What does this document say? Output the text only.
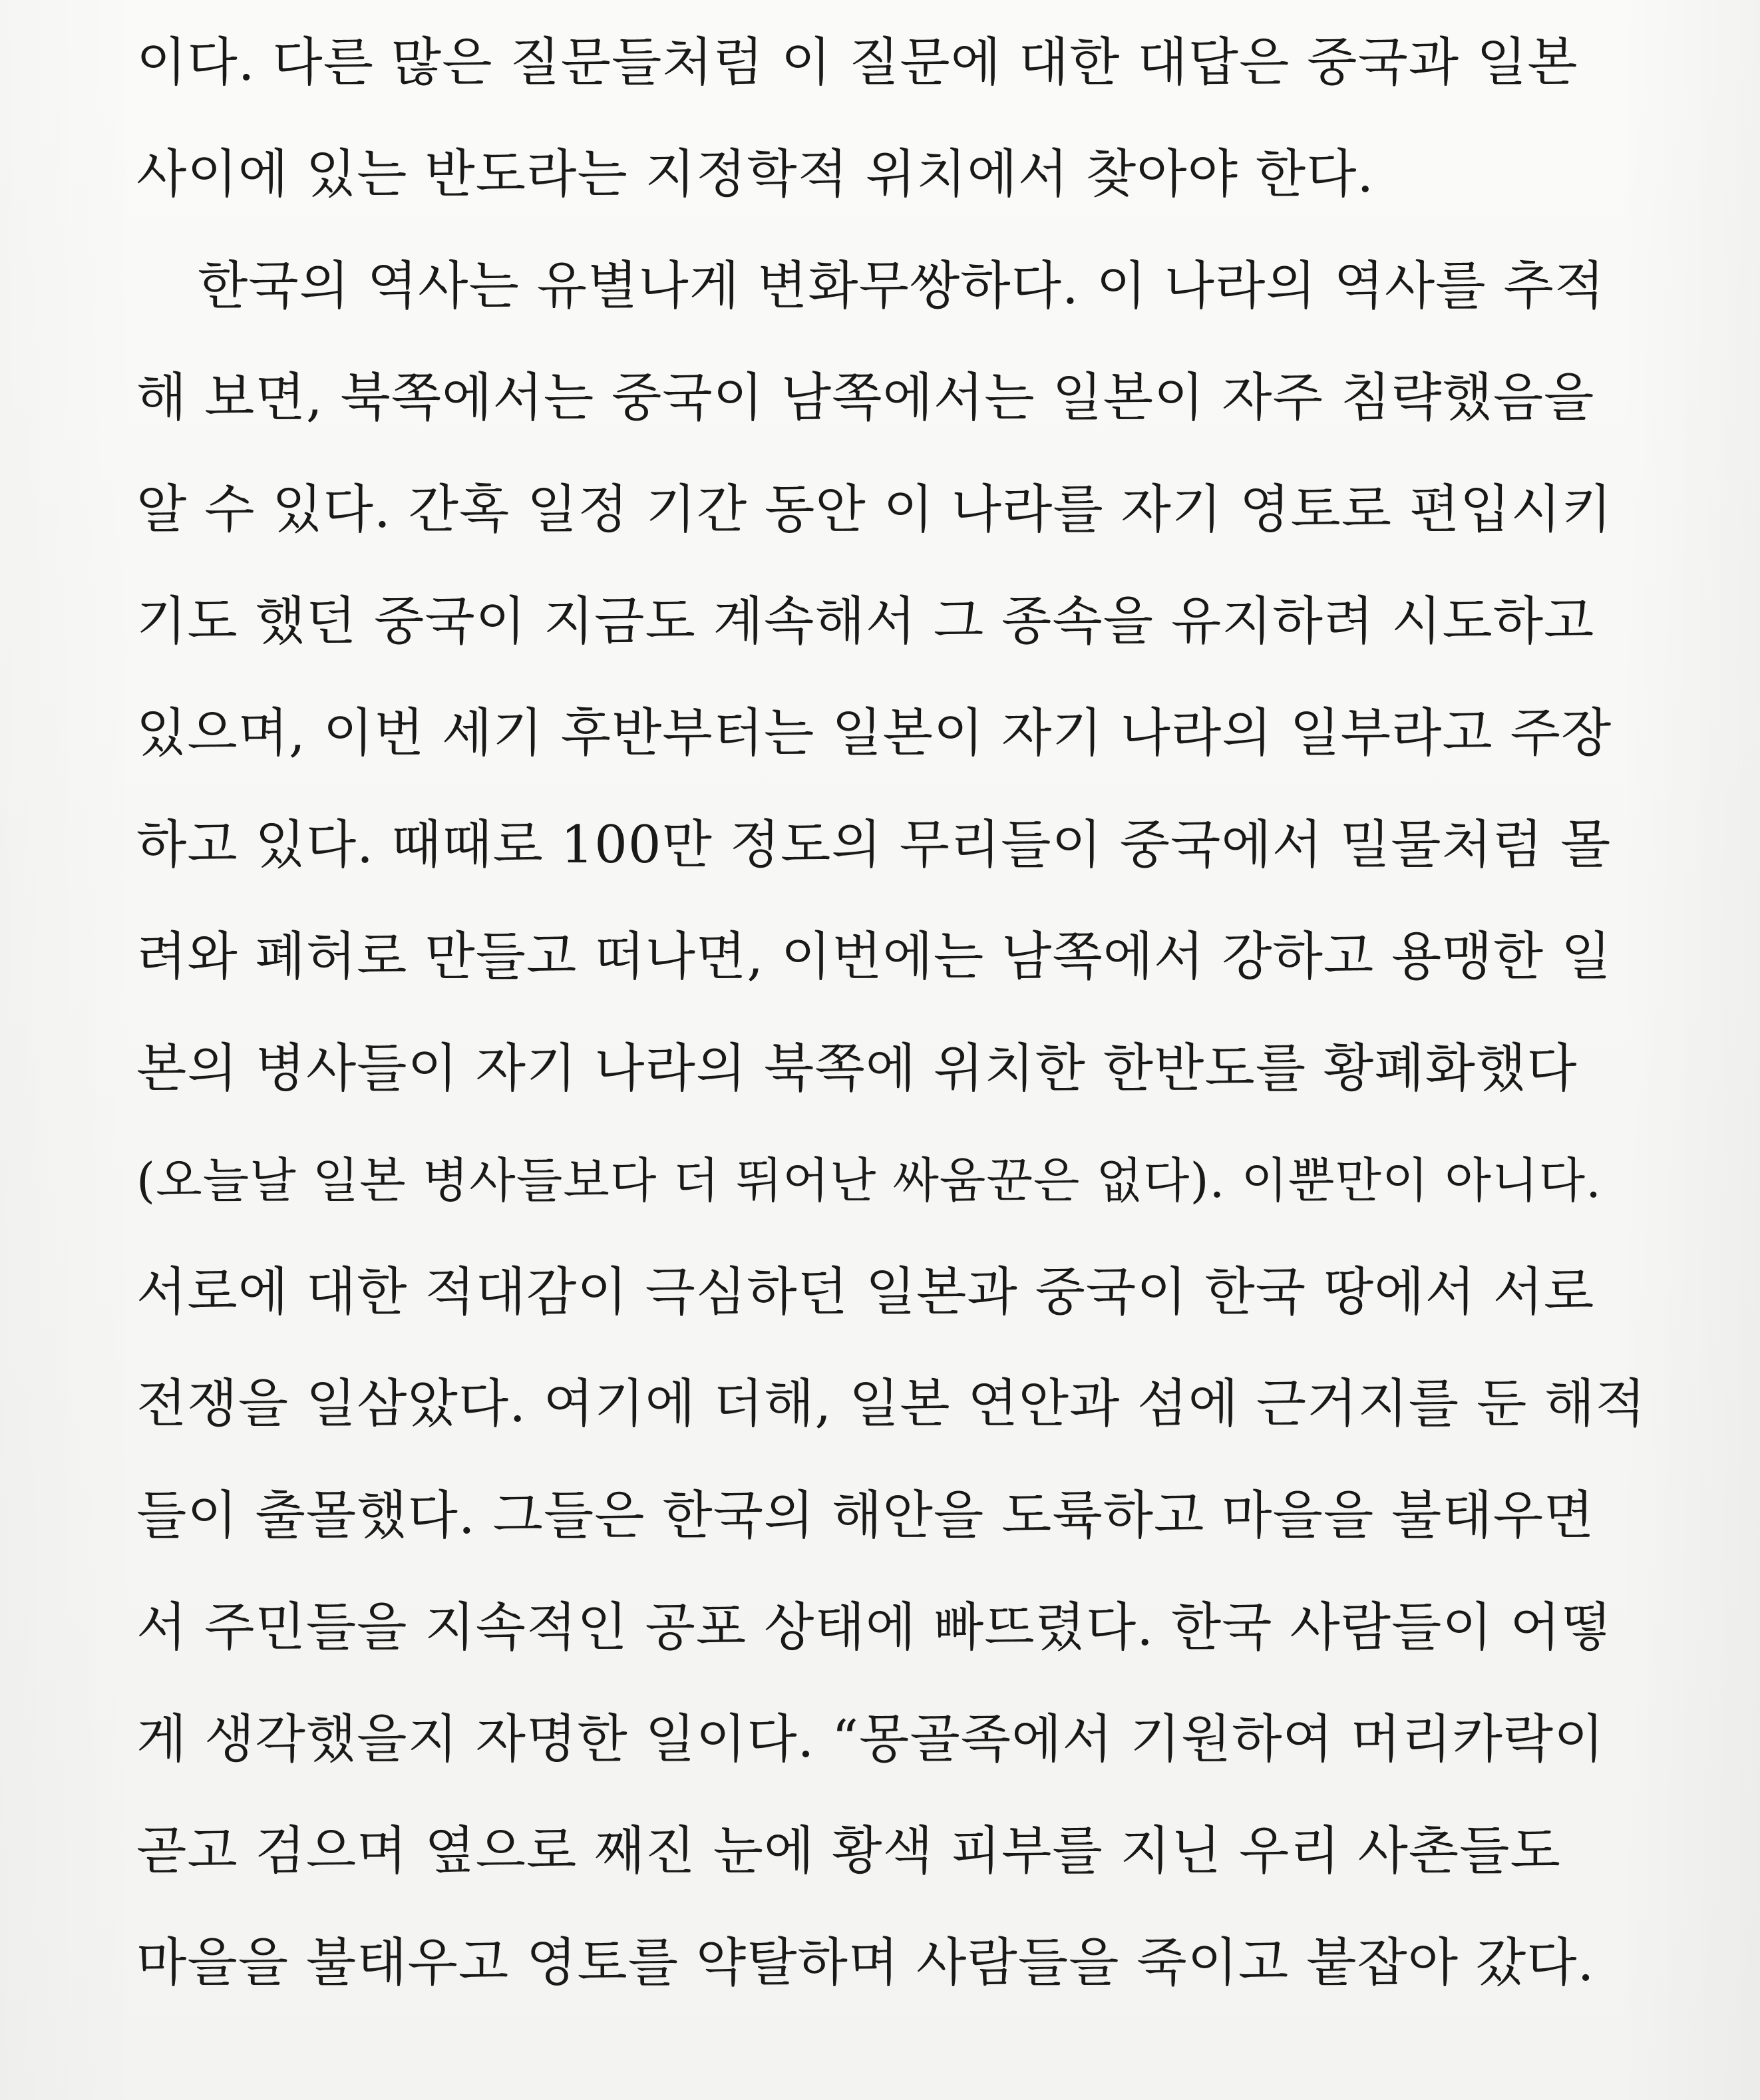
이다. 다른 많은 질문들처럼 이 질문에 대한 대답은 중국과 일본
사이에 있는 반도라는 지정학적 위치에서 찾아야 한다.
한국의 역사는 유별나게 변화무쌍하다. 이 나라의 역사를 추적
해 보면, 북쪽에서는 중국이 남쪽에서는 일본이 자주 침략했음을
알 수 있다. 간혹 일정 기간 동안 이 나라를 자기 영토로 편입시키
기도 했던 중국이 지금도 계속해서 그 종속을 유지하려 시도하고
있으며, 이번 세기 후반부터는 일본이 자기 나라의 일부라고 주장
하고 있다. 때때로 100만 정도의 무리들이 중국에서 밀물처럼 몰
려와 폐허로 만들고 떠나면, 이번에는 남쪽에서 강하고 용맹한 일
본의 병사들이 자기 나라의 북쪽에 위치한 한반도를 황폐화했다
(오늘날 일본 병사들보다 더 뛰어난 싸움꾼은 없다). 이뿐만이 아니다.
서로에 대한 적대감이 극심하던 일본과 중국이 한국 땅에서 서로
전쟁을 일삼았다. 여기에 더해, 일본 연안과 섬에 근거지를 둔 해적
들이 출몰했다. 그들은 한국의 해안을 도륙하고 마을을 불태우면
서 주민들을 지속적인 공포 상태에 빠뜨렸다. 한국 사람들이 어떻
게 생각했을지 자명한 일이다. “몽골족에서 기원하여 머리카락이
곧고 검으며 옆으로 째진 눈에 황색 피부를 지닌 우리 사촌들도
마을을 불태우고 영토를 약탈하며 사람들을 죽이고 붙잡아 갔다.
